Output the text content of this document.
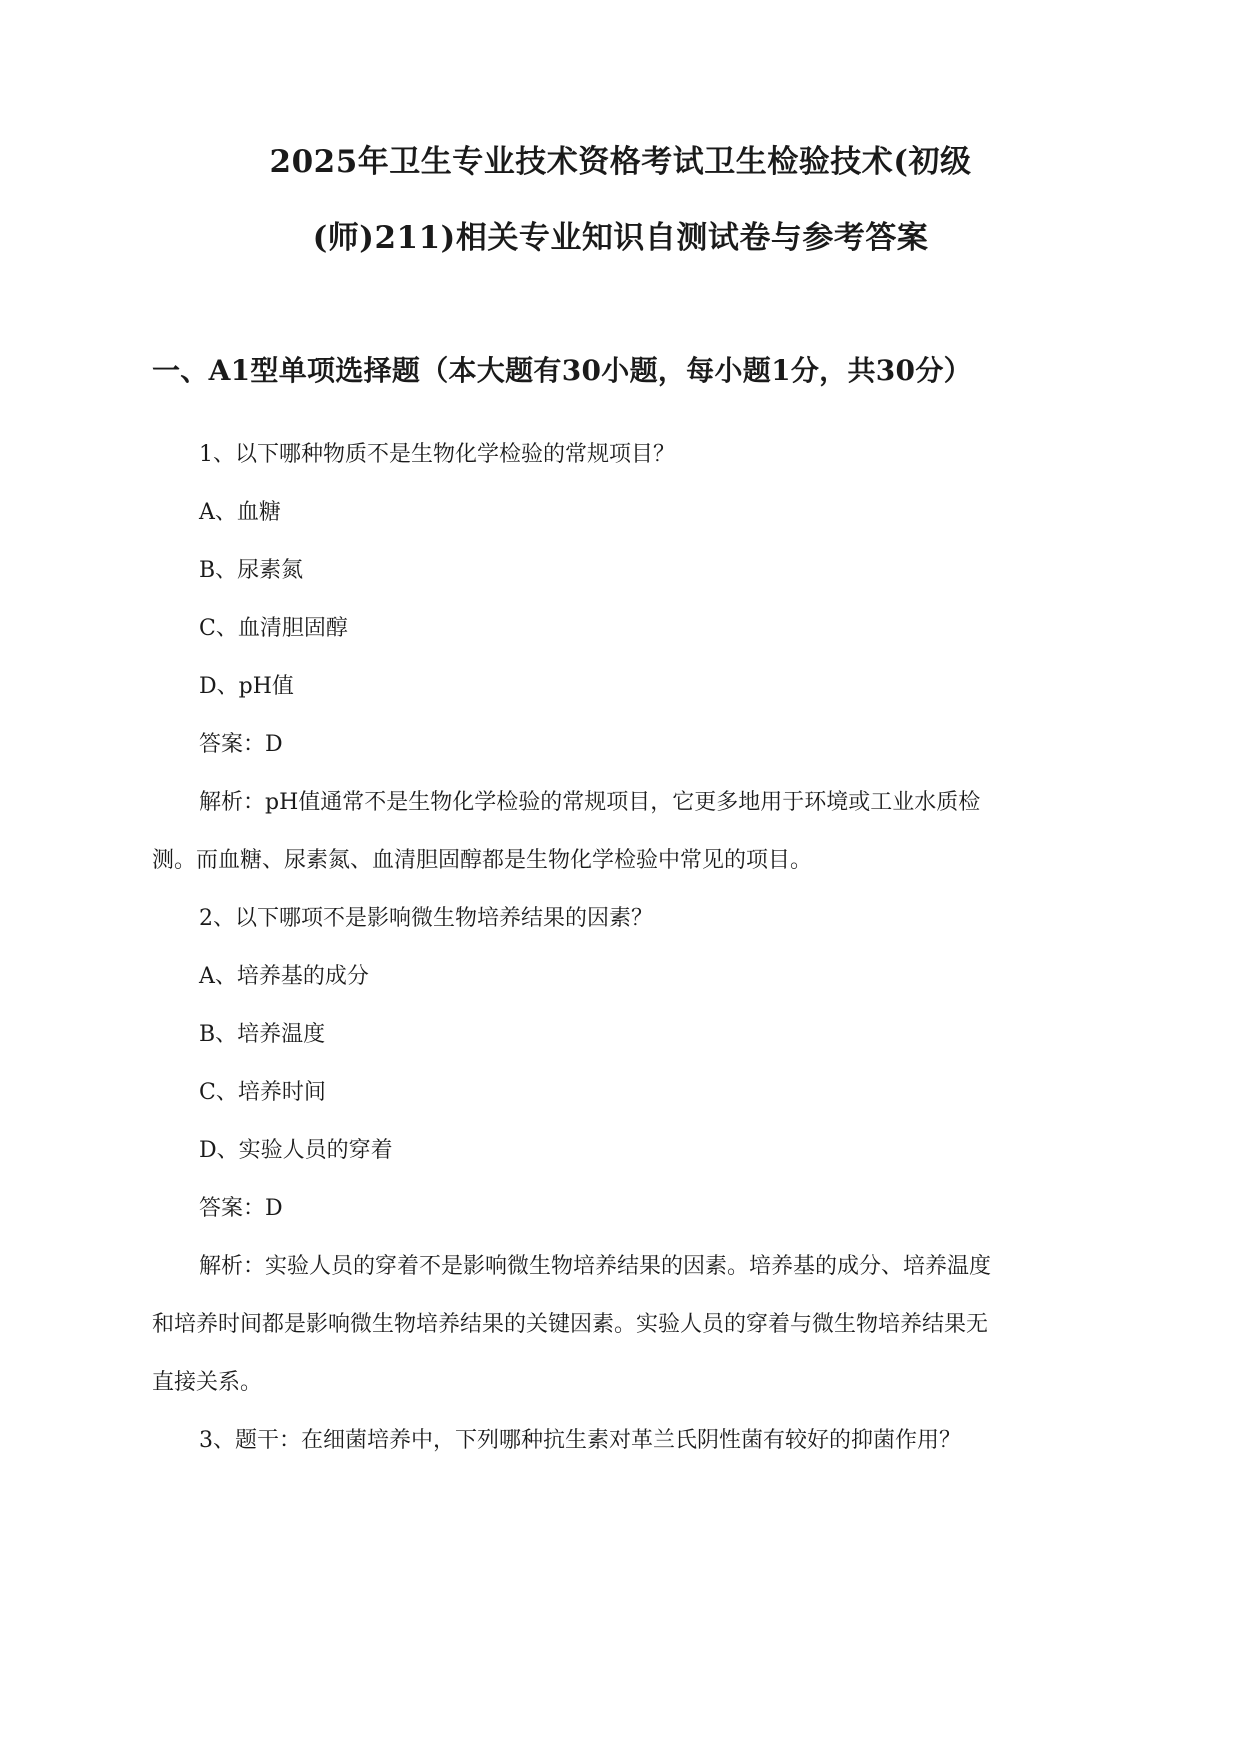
2025年卫生专业技术资格考试卫生检验技术(初级
(师)211)相关专业知识自测试卷与参考答案
一、A1型单项选择题（本大题有30小题，每小题1分，共30分）
1、以下哪种物质不是生物化学检验的常规项目？
A、血糖
B、尿素氮
C、血清胆固醇
D、pH值
答案：D
解析：pH值通常不是生物化学检验的常规项目，它更多地用于环境或工业水质检
测。而血糖、尿素氮、血清胆固醇都是生物化学检验中常见的项目。
2、以下哪项不是影响微生物培养结果的因素？
A、培养基的成分
B、培养温度
C、培养时间
D、实验人员的穿着
答案：D
解析：实验人员的穿着不是影响微生物培养结果的因素。培养基的成分、培养温度
和培养时间都是影响微生物培养结果的关键因素。实验人员的穿着与微生物培养结果无
直接关系。
3、题干：在细菌培养中，下列哪种抗生素对革兰氏阴性菌有较好的抑菌作用？
